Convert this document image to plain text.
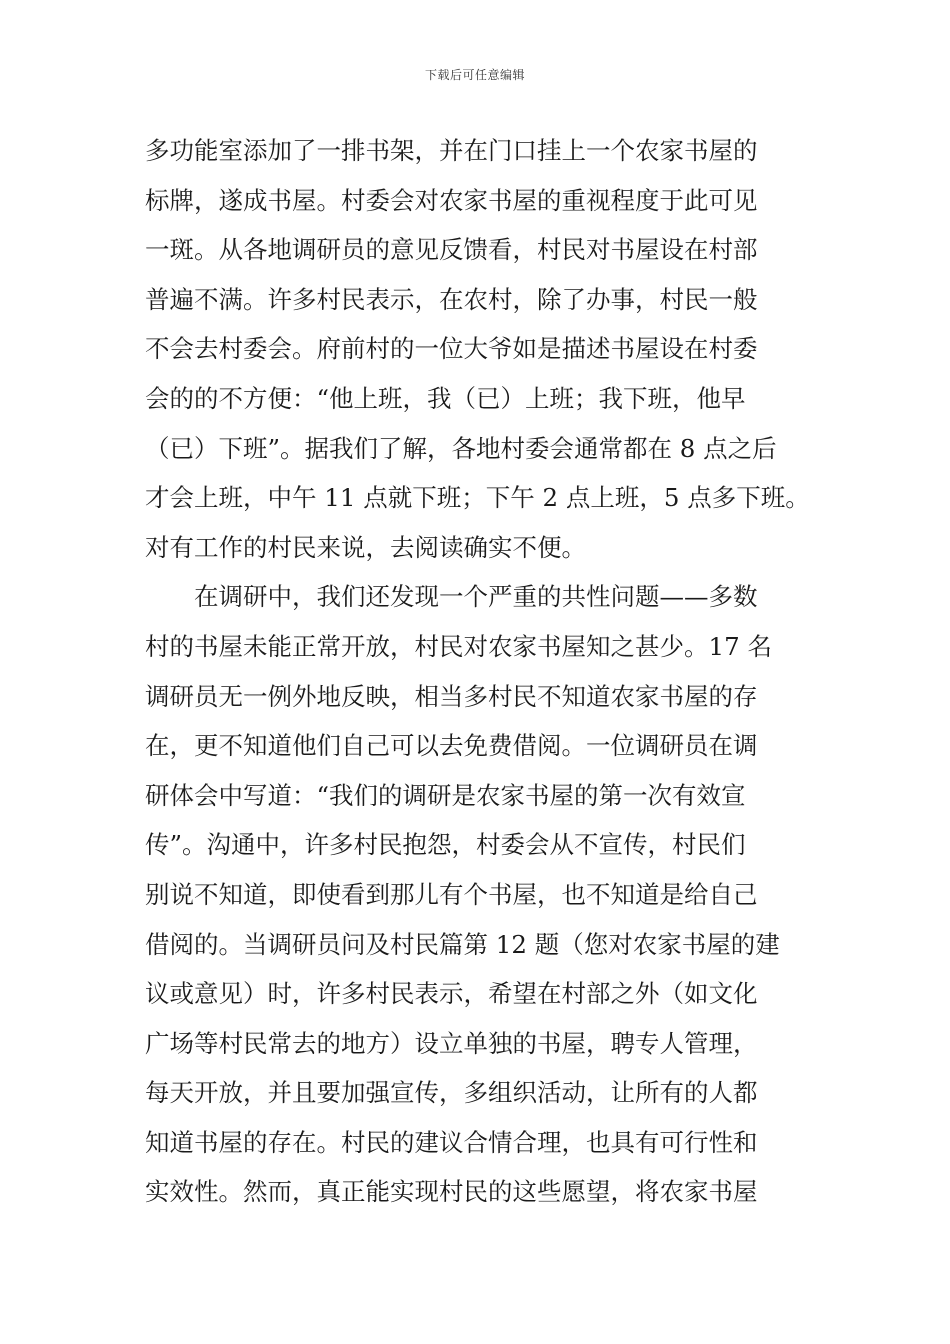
下载后可任意编辑
多功能室添加了一排书架，并在门口挂上一个农家书屋的
标牌，遂成书屋。村委会对农家书屋的重视程度于此可见
一斑。从各地调研员的意见反馈看，村民对书屋设在村部
普遍不满。许多村民表示，在农村，除了办事，村民一般
不会去村委会。府前村的一位大爷如是描述书屋设在村委
会的的不方便：“他上班，我（已）上班；我下班，他早
（已）下班”。据我们了解，各地村委会通常都在 8 点之后
才会上班，中午 11 点就下班；下午 2 点上班，5 点多下班。
对有工作的村民来说，去阅读确实不便。
　　在调研中，我们还发现一个严重的共性问题——多数
村的书屋未能正常开放，村民对农家书屋知之甚少。17 名
调研员无一例外地反映，相当多村民不知道农家书屋的存
在，更不知道他们自己可以去免费借阅。一位调研员在调
研体会中写道：“我们的调研是农家书屋的第一次有效宣
传”。沟通中，许多村民抱怨，村委会从不宣传，村民们
别说不知道，即使看到那儿有个书屋，也不知道是给自己
借阅的。当调研员问及村民篇第 12 题（您对农家书屋的建
议或意见）时，许多村民表示，希望在村部之外（如文化
广场等村民常去的地方）设立单独的书屋，聘专人管理，
每天开放，并且要加强宣传，多组织活动，让所有的人都
知道书屋的存在。村民的建议合情合理，也具有可行性和
实效性。然而，真正能实现村民的这些愿望，将农家书屋
